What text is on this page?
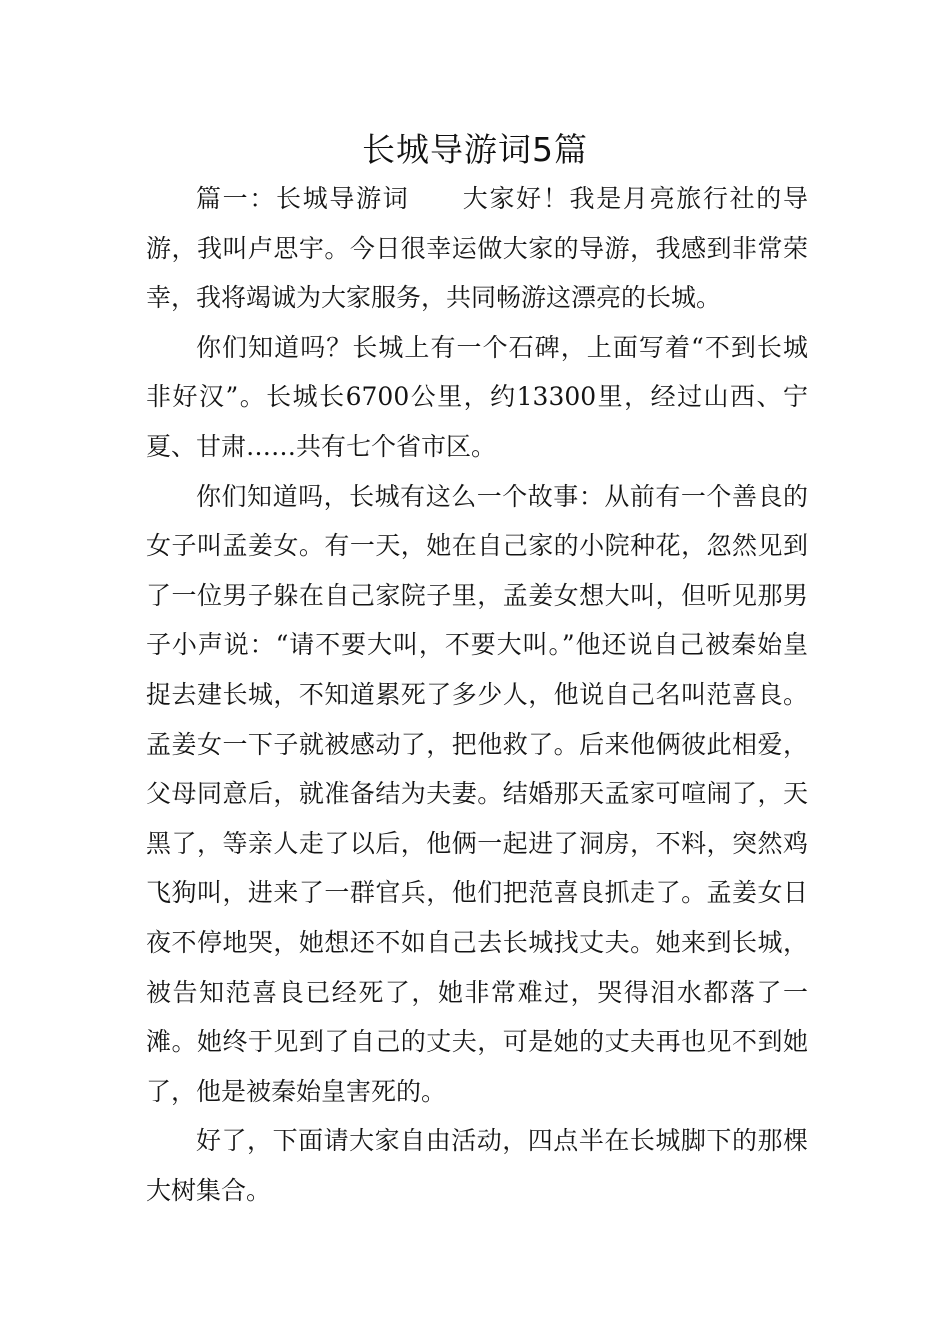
长城导游词5篇

篇一：长城导游词　　大家好！我是月亮旅行社的导游，我叫卢思宇。今日很幸运做大家的导游，我感到非常荣幸，我将竭诚为大家服务，共同畅游这漂亮的长城。

你们知道吗？长城上有一个石碑，上面写着“不到长城非好汉”。长城长6700公里，约13300里，经过山西、宁夏、甘肃……共有七个省市区。

你们知道吗，长城有这么一个故事：从前有一个善良的女子叫孟姜女。有一天，她在自己家的小院种花，忽然见到了一位男子躲在自己家院子里，孟姜女想大叫，但听见那男子小声说：“请不要大叫，不要大叫。”他还说自己被秦始皇捉去建长城，不知道累死了多少人，他说自己名叫范喜良。孟姜女一下子就被感动了，把他救了。后来他俩彼此相爱，父母同意后，就准备结为夫妻。结婚那天孟家可喧闹了，天黑了，等亲人走了以后，他俩一起进了洞房，不料，突然鸡飞狗叫，进来了一群官兵，他们把范喜良抓走了。孟姜女日夜不停地哭，她想还不如自己去长城找丈夫。她来到长城，被告知范喜良已经死了，她非常难过，哭得泪水都落了一滩。她终于见到了自己的丈夫，可是她的丈夫再也见不到她了，他是被秦始皇害死的。

好了，下面请大家自由活动，四点半在长城脚下的那棵大树集合。
